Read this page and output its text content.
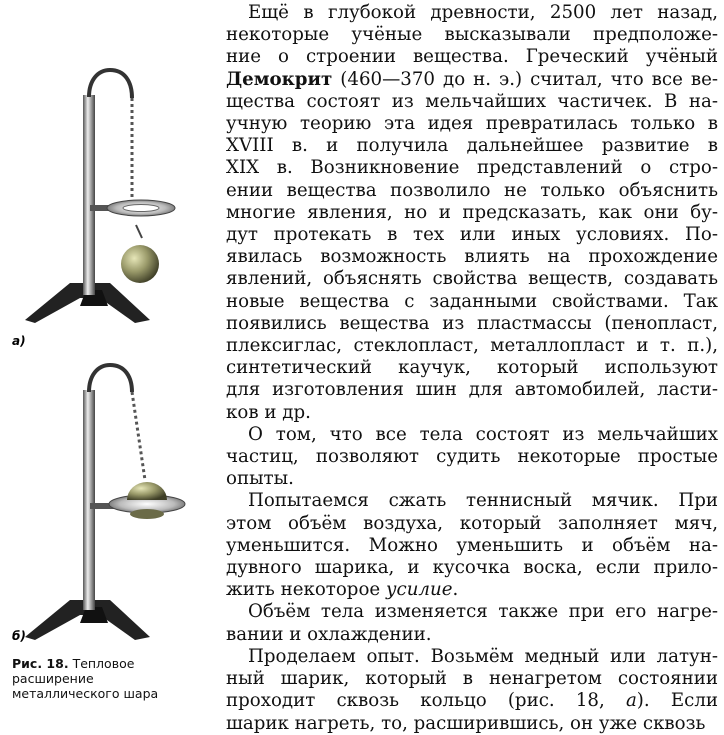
а)
б)
Рис. 18. Тепловое
расширение
металлического шара

Ещё в глубокой древности, 2500 лет назад,
некоторые учёные высказывали предположе-
ние о строении вещества. Греческий учёный
Демокрит (460—370 до н. э.) считал, что все ве-
щества состоят из мельчайших частичек. В на-
учную теорию эта идея превратилась только в
XVIII в. и получила дальнейшее развитие в
XIX в. Возникновение представлений о стро-
ении вещества позволило не только объяснить
многие явления, но и предсказать, как они бу-
дут протекать в тех или иных условиях. По-
явилась возможность влиять на прохождение
явлений, объяснять свойства веществ, создавать
новые вещества с заданными свойствами. Так
появились вещества из пластмассы (пенопласт,
плексиглас, стеклопласт, металлопласт и т. п.),
синтетический каучук, который используют
для изготовления шин для автомобилей, ласти-
ков и др.

О том, что все тела состоят из мельчайших
частиц, позволяют судить некоторые простые
опыты.

Попытаемся сжать теннисный мячик. При
этом объём воздуха, который заполняет мяч,
уменьшится. Можно уменьшить и объём на-
дувного шарика, и кусочка воска, если прило-
жить некоторое усилие.

Объём тела изменяется также при его нагре-
вании и охлаждении.

Проделаем опыт. Возьмём медный или латун-
ный шарик, который в ненагретом состоянии
проходит сквозь кольцо (рис. 18, а). Если
шарик нагреть, то, расширившись, он уже сквозь
